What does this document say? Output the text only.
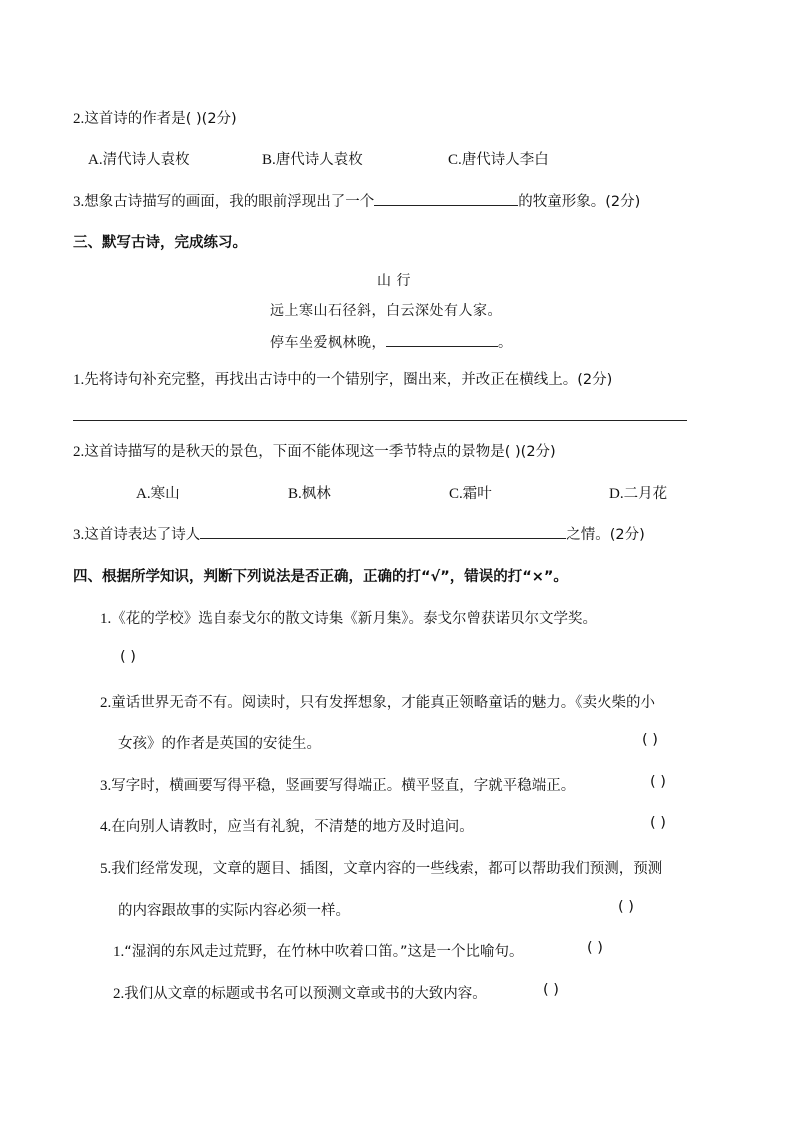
2.这首诗的作者是( )(2分)
A.清代诗人袁枚	B.唐代诗人袁枚	C.唐代诗人李白
3.想象古诗描写的画面，我的眼前浮现出了一个	的牧童形象。(2分)
三、默写古诗，完成练习。
山 行
远上寒山石径斜，白云深处有人家。
停车坐爱枫林晚，	。
1.先将诗句补充完整，再找出古诗中的一个错别字，圈出来，并改正在横线上。(2分)
2.这首诗描写的是秋天的景色，下面不能体现这一季节特点的景物是( )(2分)
A.寒山	B.枫林	C.霜叶	D.二月花
3.这首诗表达了诗人	之情。(2分)
四、根据所学知识，判断下列说法是否正确，正确的打“√”，错误的打“×”。
1.《花的学校》选自泰戈尔的散文诗集《新月集》。泰戈尔曾获诺贝尔文学奖。
( )
2.童话世界无奇不有。阅读时，只有发挥想象，才能真正领略童话的魅力。《卖火柴的小
女孩》的作者是英国的安徒生。	( )
3.写字时，横画要写得平稳，竖画要写得端正。横平竖直，字就平稳端正。	( )
4.在向别人请教时，应当有礼貌，不清楚的地方及时追问。	( )
5.我们经常发现，文章的题目、插图，文章内容的一些线索，都可以帮助我们预测，预测
的内容跟故事的实际内容必须一样。	( )
1.“湿润的东风走过荒野，在竹林中吹着口笛。”这是一个比喻句。	( )
2.我们从文章的标题或书名可以预测文章或书的大致内容。	( )
